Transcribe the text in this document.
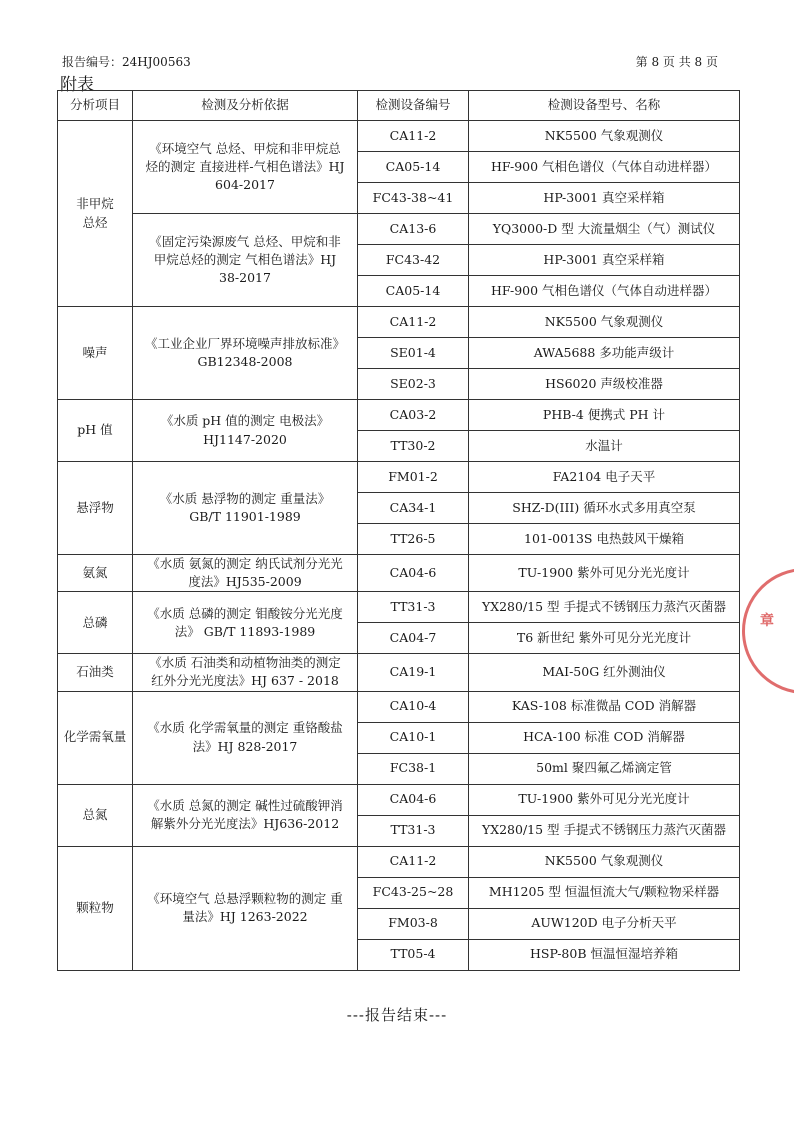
报告编号：24HJ00563	第 8 页 共 8 页
附表
分析项目	检测及分析依据	检测设备编号	检测设备型号、名称
非甲烷总烃	《环境空气 总烃、甲烷和非甲烷总烃的测定 直接进样-气相色谱法》HJ 604-2017	CA11-2	NK5500 气象观测仪
		CA05-14	HF-900 气相色谱仪（气体自动进样器）
		FC43-38~41	HP-3001 真空采样箱
	《固定污染源废气 总烃、甲烷和非甲烷总烃的测定 气相色谱法》HJ 38-2017	CA13-6	YQ3000-D 型 大流量烟尘（气）测试仪
		FC43-42	HP-3001 真空采样箱
		CA05-14	HF-900 气相色谱仪（气体自动进样器）
噪声	《工业企业厂界环境噪声排放标准》GB12348-2008	CA11-2	NK5500 气象观测仪
		SE01-4	AWA5688 多功能声级计
		SE02-3	HS6020 声级校准器
pH 值	《水质 pH 值的测定 电极法》HJ1147-2020	CA03-2	PHB-4 便携式 PH 计
		TT30-2	水温计
悬浮物	《水质 悬浮物的测定 重量法》GB/T 11901-1989	FM01-2	FA2104 电子天平
		CA34-1	SHZ-D(III) 循环水式多用真空泵
		TT26-5	101-0013S 电热鼓风干燥箱
氨氮	《水质 氨氮的测定 纳氏试剂分光光度法》HJ535-2009	CA04-6	TU-1900 紫外可见分光光度计
总磷	《水质 总磷的测定 钼酸铵分光光度法》 GB/T 11893-1989	TT31-3	YX280/15 型 手提式不锈钢压力蒸汽灭菌器
		CA04-7	T6 新世纪 紫外可见分光光度计
石油类	《水质 石油类和动植物油类的测定 红外分光光度法》HJ 637 - 2018	CA19-1	MAI-50G 红外测油仪
化学需氧量	《水质 化学需氧量的测定 重铬酸盐法》HJ 828-2017	CA10-4	KAS-108 标准微晶 COD 消解器
		CA10-1	HCA-100 标准 COD 消解器
		FC38-1	50ml 聚四氟乙烯滴定管
总氮	《水质 总氮的测定 碱性过硫酸钾消解紫外分光光度法》HJ636-2012	CA04-6	TU-1900 紫外可见分光光度计
		TT31-3	YX280/15 型 手提式不锈钢压力蒸汽灭菌器
颗粒物	《环境空气 总悬浮颗粒物的测定 重量法》HJ 1263-2022	CA11-2	NK5500 气象观测仪
		FC43-25~28	MH1205 型 恒温恒流大气/颗粒物采样器
		FM03-8	AUW120D 电子分析天平
		TT05-4	HSP-80B 恒温恒湿培养箱
---报告结束---
章
